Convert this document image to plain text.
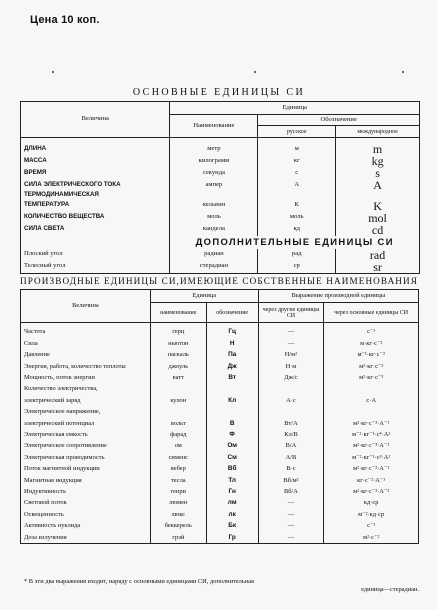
Цена 10 коп.
ОСНОВНЫЕ ЕДИНИЦЫ СИ
Величина	Единица		
	Наименование	Обозначение	
		русское	международное

ДЛИНА	метр	м	m
МАССА	килограмм	кг	kg
ВРЕМЯ	секунда	с	s
СИЛА ЭЛЕКТРИЧЕСКОГО ТОКА	ампер	А	A
ТЕРМОДИНАМИЧЕСКАЯ			
ТЕМПЕРАТУРА	кельвин	К	K
КОЛИЧЕСТВО ВЕЩЕСТВА	моль	моль	mol
СИЛА СВЕТА	кандела	кд	cd
	ДОПОЛНИТЕЛЬНЫЕ ЕДИНИЦЫ СИ		
Плоский угол	радиан	рад	rad
Телесный угол	стерадиан	ср	sr
ПРОИЗВОДНЫЕ ЕДИНИЦЫ СИ,ИМЕЮЩИЕ СОБСТВЕННЫЕ НАИМЕНОВАНИЯ
Величина	Единица		Выражение производной единицы	
	наименование	обозначение	через другие единицы СИ	через основные единицы СИ
Частота	герц	Гц	—	с⁻¹
Сила	ньютон	Н	—	м·кг·с⁻²
Давление	паскаль	Па	Н/м²	м⁻¹·кг·с⁻²
Энергия, работа, количество теплоты	джоуль	Дж	Н·м	м²·кг·с⁻²
Мощность, поток энергии	ватт	Вт	Дж/с	м²·кг·с⁻³
Количество электричества,				
электрический заряд	кулон	Кл	А·с	с·А
Электрическое напряжение,				
электрический потенциал	вольт	В	Вт/А	м²·кг·с⁻³·А⁻¹
Электрическая емкость	фарад	Ф	Кл/В	м⁻²·кг⁻¹·с⁴·А²
Электрическое сопротивление	ом	Ом	В/А	м²·кг·с⁻³·А⁻²
Электрическая проводимость	сименс	См	А/В	м⁻²·кг⁻¹·с³·А²
Поток магнитной индукции	вебер	Вб	В·с	м²·кг·с⁻²·А⁻¹
Магнитная индукция	тесла	Тл	Вб/м²	кг·с⁻²·А⁻¹
Индуктивность	генри	Гн	Вб/А	м²·кг·с⁻²·А⁻²
Световой поток	люмен	лм	—	кд·ср
Освещенность	люкс	лк	—	м⁻²·кд·ср
Активность нуклида	беккерель	Бк	—	с⁻¹
Доза излучения	грэй	Гр	—	м²·с⁻²
* В эти два выражения входит, наряду с основными единицами СИ, дополнительная
единица—стерадиан.
